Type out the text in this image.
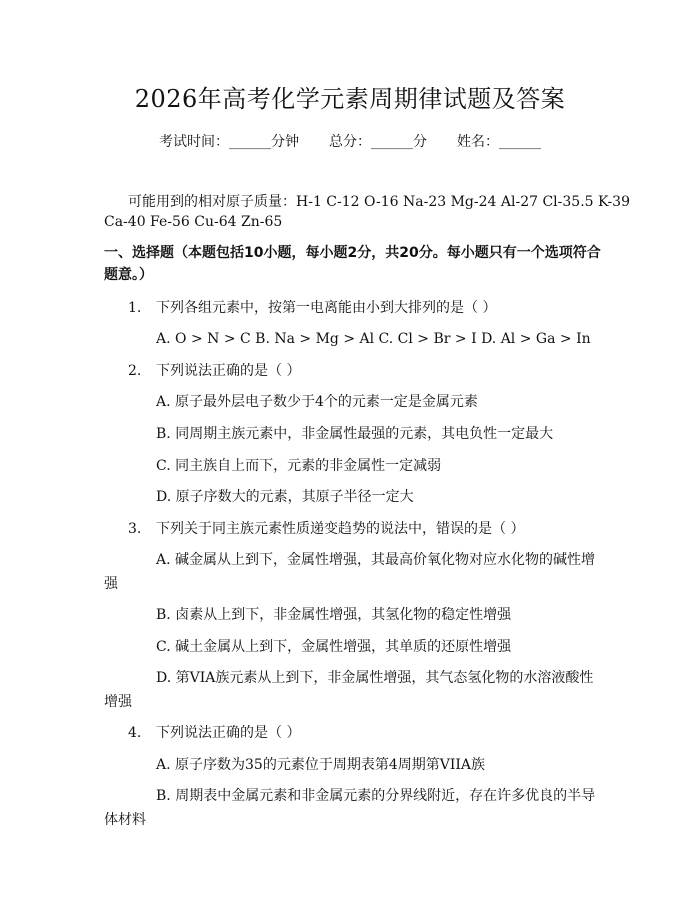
2026年高考化学元素周期律试题及答案
考试时间：______分钟 总分：______分 姓名：______
可能用到的相对原子质量：H-1 C-12 O-16 Na-23 Mg-24 Al-27 Cl-35.5 K-39
Ca-40 Fe-56 Cu-64 Zn-65
一、选择题（本题包括10小题，每小题2分，共20分。每小题只有一个选项符合题意。）
1. 下列各组元素中，按第一电离能由小到大排列的是（ ）
A. O > N > C B. Na > Mg > Al C. Cl > Br > I D. Al > Ga > In
2. 下列说法正确的是（ ）
A. 原子最外层电子数少于4个的元素一定是金属元素
B. 同周期主族元素中，非金属性最强的元素，其电负性一定最大
C. 同主族自上而下，元素的非金属性一定减弱
D. 原子序数大的元素，其原子半径一定大
3. 下列关于同主族元素性质递变趋势的说法中，错误的是（ ）
A. 碱金属从上到下，金属性增强，其最高价氧化物对应水化物的碱性增
强
B. 卤素从上到下，非金属性增强，其氢化物的稳定性增强
C. 碱土金属从上到下，金属性增强，其单质的还原性增强
D. 第VIA族元素从上到下，非金属性增强，其气态氢化物的水溶液酸性
增强
4. 下列说法正确的是（ ）
A. 原子序数为35的元素位于周期表第4周期第VIIA族
B. 周期表中金属元素和非金属元素的分界线附近，存在许多优良的半导
体材料
